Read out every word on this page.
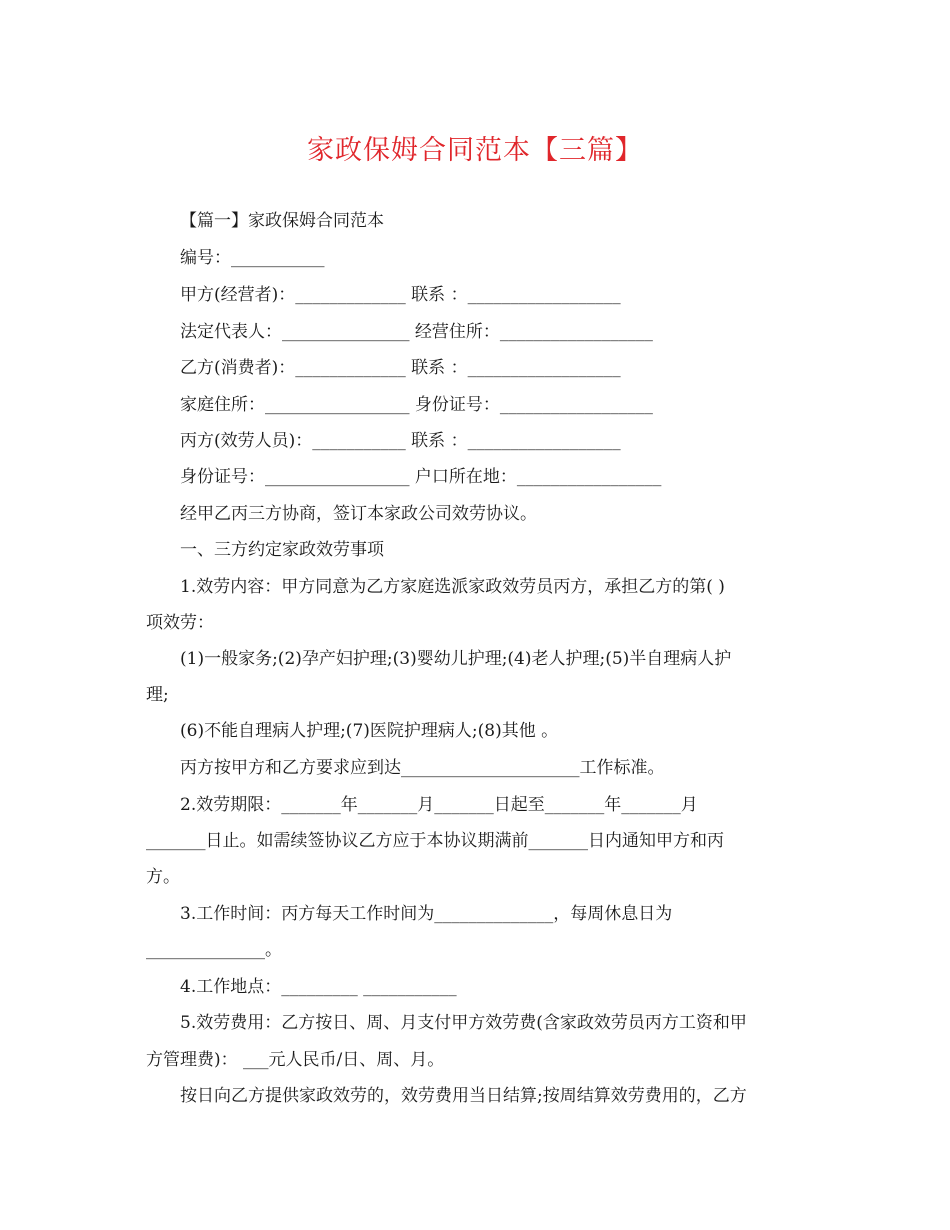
家政保姆合同范本【三篇】
【篇一】家政保姆合同范本
编号：___________
甲方(经营者)：_____________ 联系 ：__________________
法定代表人：_______________ 经营住所：__________________
乙方(消费者)：_____________ 联系 ：__________________
家庭住所：_________________ 身份证号：__________________
丙方(效劳人员)：___________ 联系 ：__________________
身份证号：_________________ 户口所在地：_________________
经甲乙丙三方协商，签订本家政公司效劳协议。
一、三方约定家政效劳事项
1.效劳内容：甲方同意为乙方家庭选派家政效劳员丙方，承担乙方的第( )
项效劳：
(1)一般家务;(2)孕产妇护理;(3)婴幼儿护理;(4)老人护理;(5)半自理病人护
理;
(6)不能自理病人护理;(7)医院护理病人;(8)其他 。
丙方按甲方和乙方要求应到达_____________________工作标准。
2.效劳期限：_______年_______月_______日起至_______年_______月
_______日止。如需续签协议乙方应于本协议期满前_______日内通知甲方和丙
方。
3.工作时间：丙方每天工作时间为______________，每周休息日为
______________。
4.工作地点：_________ ___________
5.效劳费用：乙方按日、周、月支付甲方效劳费(含家政效劳员丙方工资和甲
方管理费)： ___元人民币/日、周、月。
按日向乙方提供家政效劳的，效劳费用当日结算;按周结算效劳费用的，乙方
